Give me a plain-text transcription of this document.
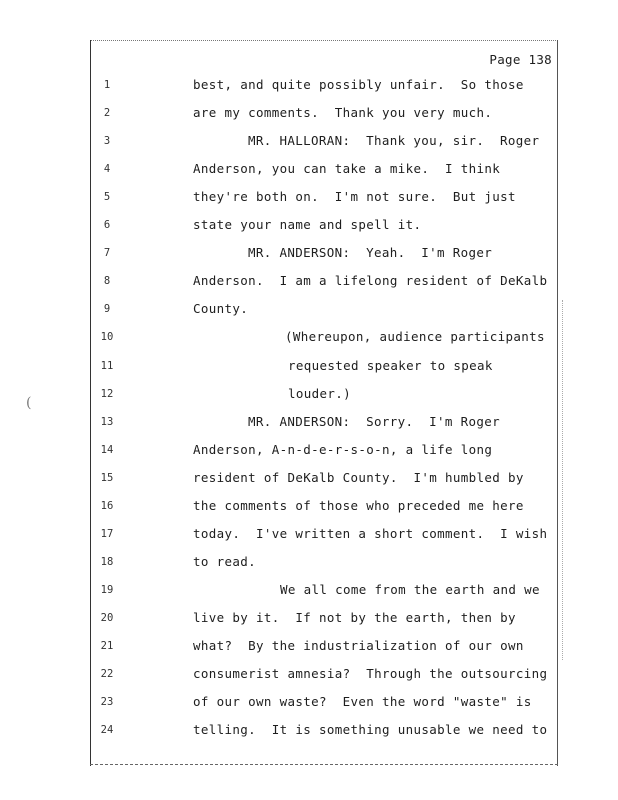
Page 138
(
1	best, and quite possibly unfair.  So those
2	are my comments.  Thank you very much.
3	MR. HALLORAN:  Thank you, sir.  Roger
4	Anderson, you can take a mike.  I think
5	they're both on.  I'm not sure.  But just
6	state your name and spell it.
7	MR. ANDERSON:  Yeah.  I'm Roger
8	Anderson.  I am a lifelong resident of DeKalb
9	County.
10	(Whereupon, audience participants
11	requested speaker to speak
12	louder.)
13	MR. ANDERSON:  Sorry.  I'm Roger
14	Anderson, A-n-d-e-r-s-o-n, a life long
15	resident of DeKalb County.  I'm humbled by
16	the comments of those who preceded me here
17	today.  I've written a short comment.  I wish
18	to read.
19	We all come from the earth and we
20	live by it.  If not by the earth, then by
21	what?  By the industrialization of our own
22	consumerist amnesia?  Through the outsourcing
23	of our own waste?  Even the word "waste" is
24	telling.  It is something unusable we need to
